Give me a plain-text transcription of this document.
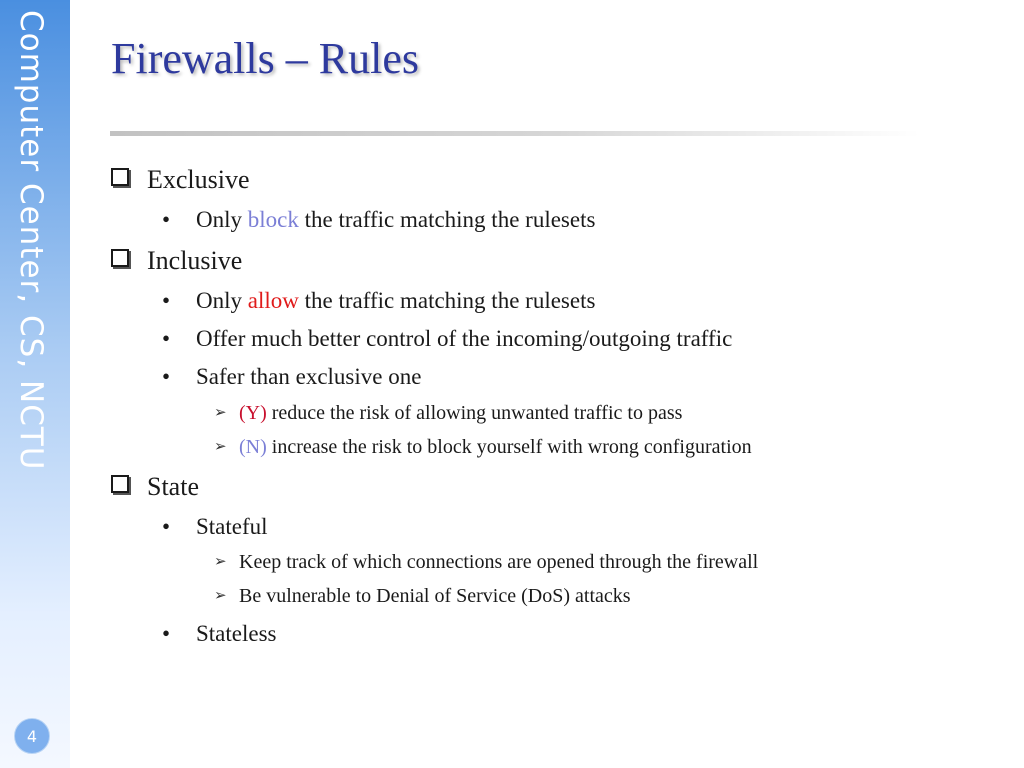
Computer Center, CS, NCTU
4
Firewalls – Rules
Exclusive
• Only block the traffic matching the rulesets
Inclusive
• Only allow the traffic matching the rulesets
• Offer much better control of the incoming/outgoing traffic
• Safer than exclusive one
➢ (Y) reduce the risk of allowing unwanted traffic to pass
➢ (N) increase the risk to block yourself with wrong configuration
State
• Stateful
➢ Keep track of which connections are opened through the firewall
➢ Be vulnerable to Denial of Service (DoS) attacks
• Stateless
